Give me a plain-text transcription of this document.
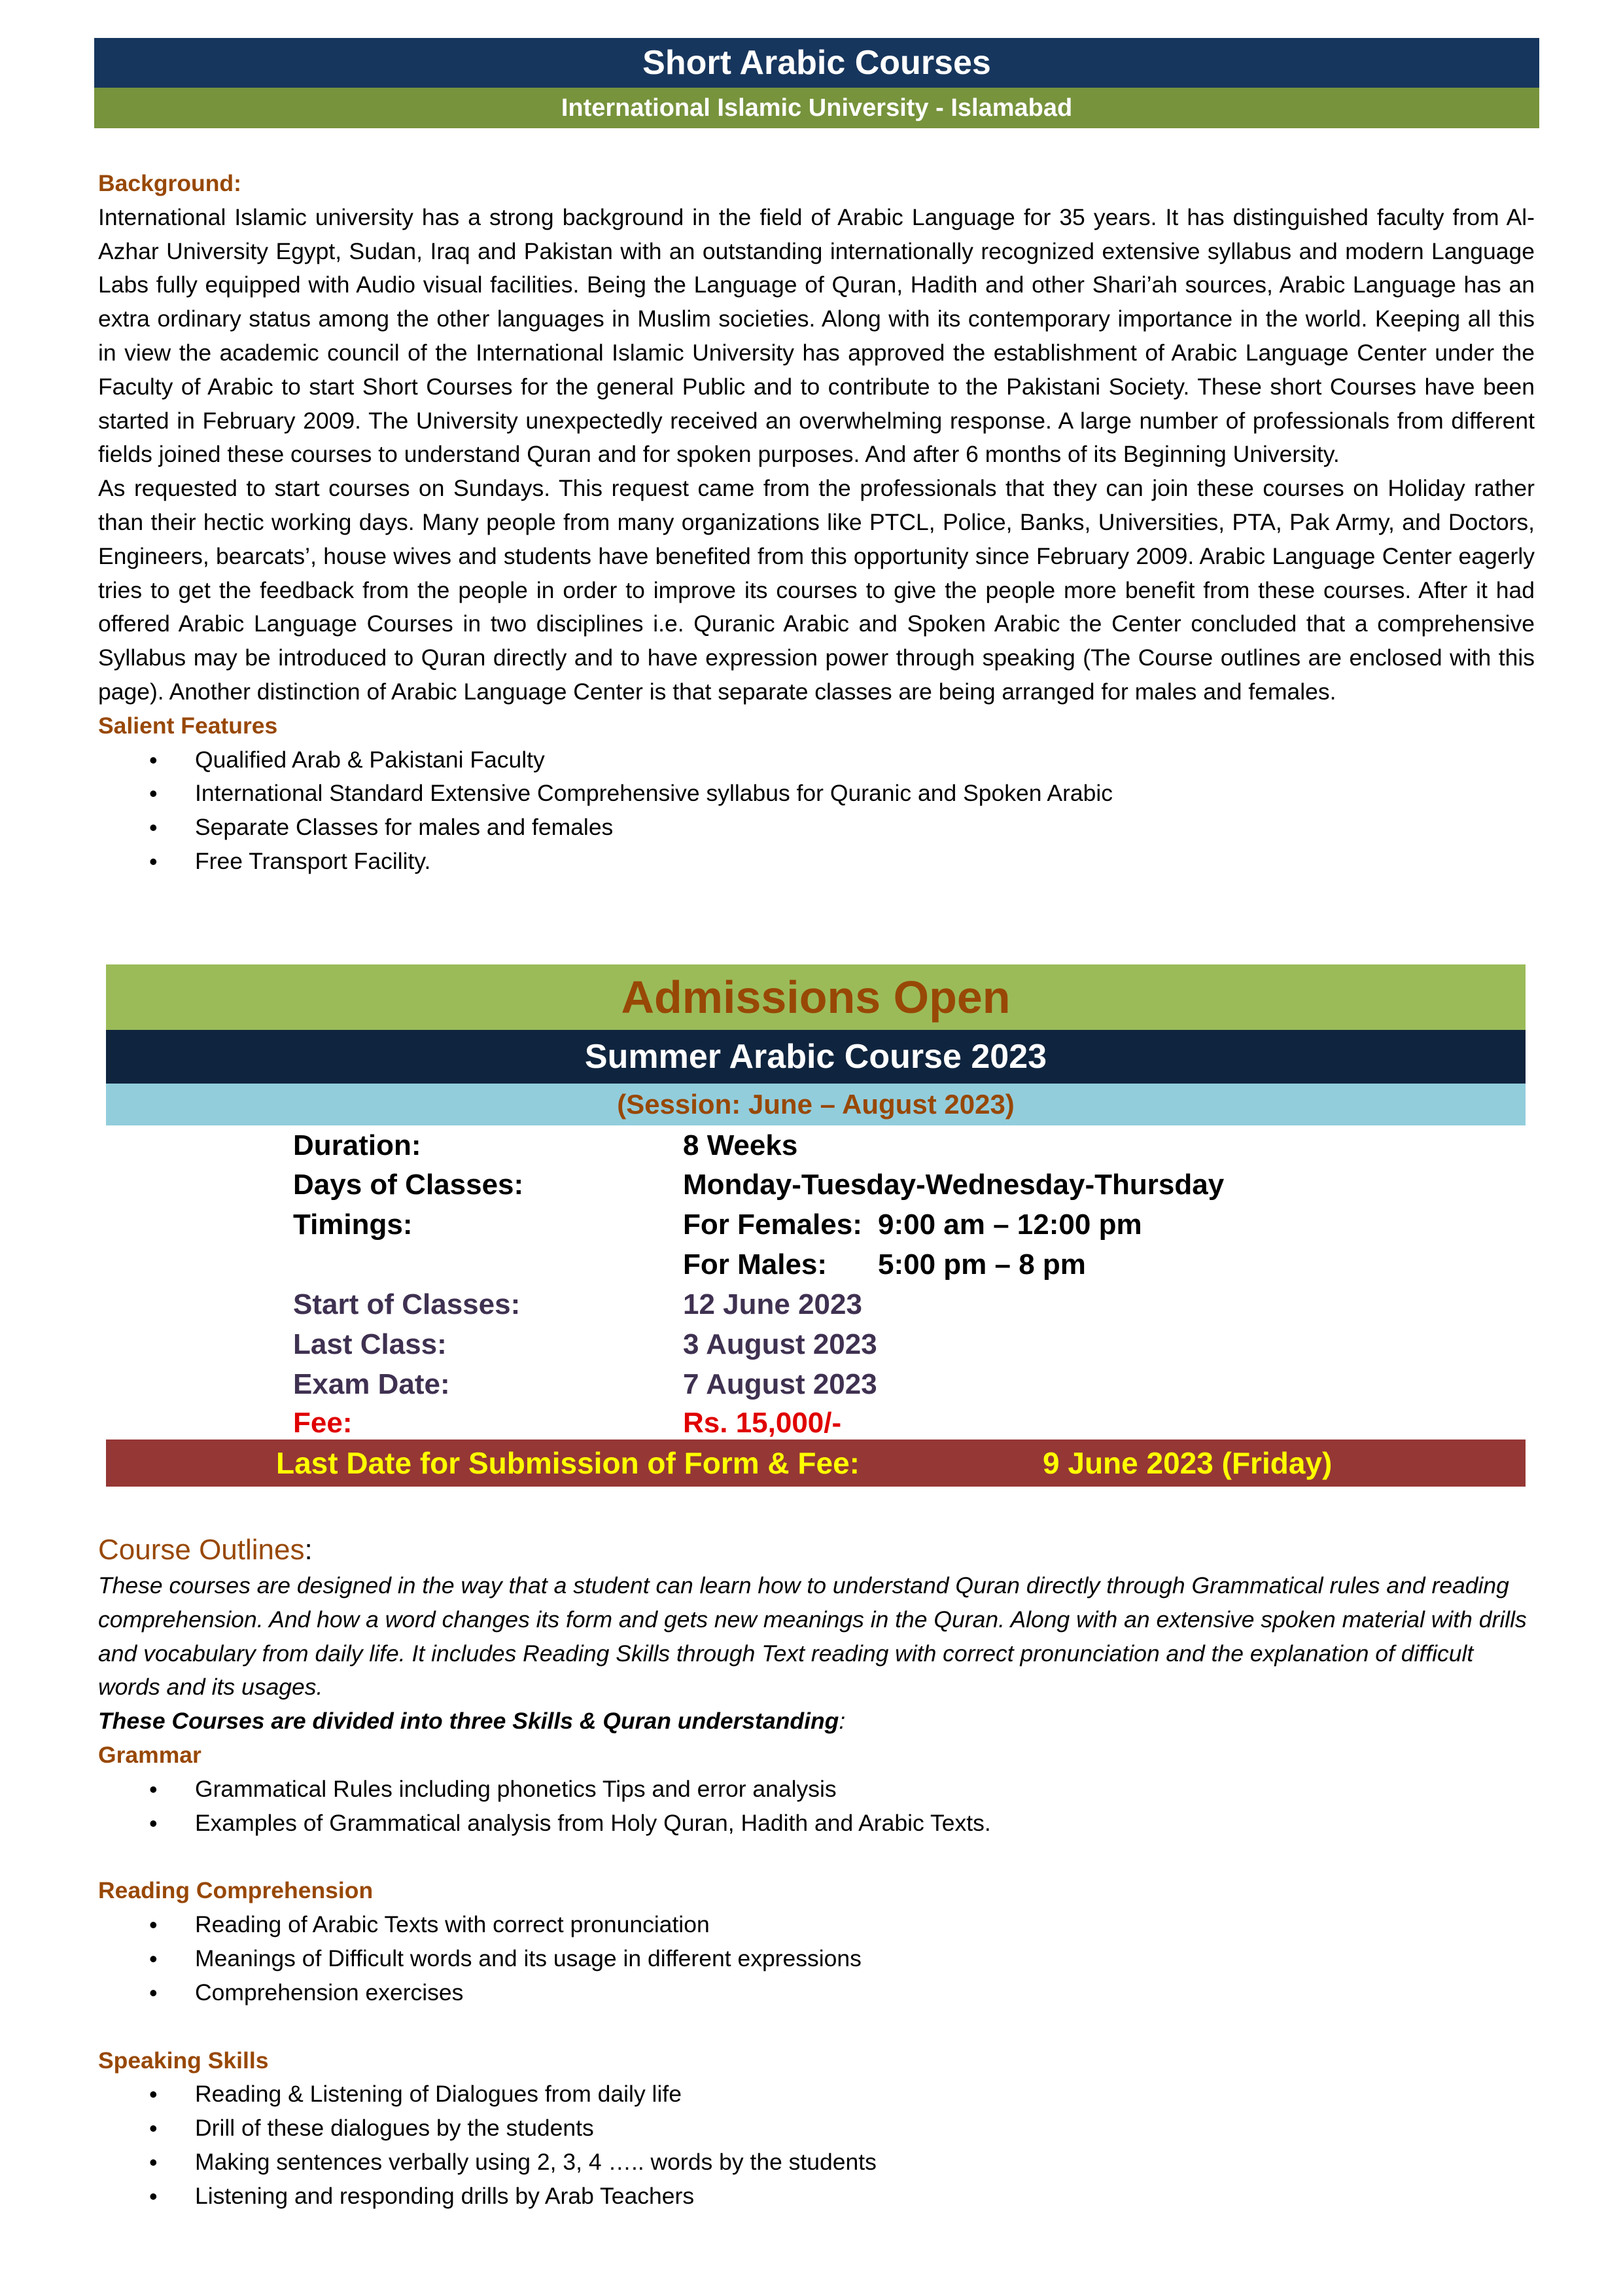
Short Arabic Courses
International Islamic University - Islamabad
Background:
International Islamic university has a strong background in the field of Arabic Language for 35 years. It has distinguished faculty from Al-Azhar University Egypt, Sudan, Iraq and Pakistan with an outstanding internationally recognized extensive syllabus and modern Language Labs fully equipped with Audio visual facilities. Being the Language of Quran, Hadith and other Shari’ah sources, Arabic Language has an extra ordinary status among the other languages in Muslim societies. Along with its contemporary importance in the world. Keeping all this in view the academic council of the International Islamic University has approved the establishment of Arabic Language Center under the Faculty of Arabic to start Short Courses for the general Public and to contribute to the Pakistani Society. These short Courses have been started in February 2009. The University unexpectedly received an overwhelming response. A large number of professionals from different fields joined these courses to understand Quran and for spoken purposes. And after 6 months of its Beginning University.
As requested to start courses on Sundays. This request came from the professionals that they can join these courses on Holiday rather than their hectic working days. Many people from many organizations like PTCL, Police, Banks, Universities, PTA, Pak Army, and Doctors, Engineers, bearcats’, house wives and students have benefited from this opportunity since February 2009. Arabic Language Center eagerly tries to get the feedback from the people in order to improve its courses to give the people more benefit from these courses. After it had offered Arabic Language Courses in two disciplines i.e. Quranic Arabic and Spoken Arabic the Center concluded that a comprehensive Syllabus may be introduced to Quran directly and to have expression power through speaking (The Course outlines are enclosed with this page). Another distinction of Arabic Language Center is that separate classes are being arranged for males and females.
Salient Features
• Qualified Arab & Pakistani Faculty
• International Standard Extensive Comprehensive syllabus for Quranic and Spoken Arabic
• Separate Classes for males and females
• Free Transport Facility.
Admissions Open
Summer Arabic Course 2023
(Session: June – August 2023)
Duration:	8 Weeks
Days of Classes:	Monday-Tuesday-Wednesday-Thursday
Timings:	For Females: 9:00 am – 12:00 pm
For Males: 5:00 pm – 8 pm
Start of Classes:	12 June 2023
Last Class:	3 August 2023
Exam Date:	7 August 2023
Fee:	Rs. 15,000/-
Last Date for Submission of Form & Fee:	9 June 2023 (Friday)
Course Outlines:
These courses are designed in the way that a student can learn how to understand Quran directly through Grammatical rules and reading comprehension. And how a word changes its form and gets new meanings in the Quran. Along with an extensive spoken material with drills and vocabulary from daily life. It includes Reading Skills through Text reading with correct pronunciation and the explanation of difficult words and its usages.
These Courses are divided into three Skills & Quran understanding:
Grammar
• Grammatical Rules including phonetics Tips and error analysis
• Examples of Grammatical analysis from Holy Quran, Hadith and Arabic Texts.
Reading Comprehension
• Reading of Arabic Texts with correct pronunciation
• Meanings of Difficult words and its usage in different expressions
• Comprehension exercises
Speaking Skills
• Reading & Listening of Dialogues from daily life
• Drill of these dialogues by the students
• Making sentences verbally using 2, 3, 4 ….. words by the students
• Listening and responding drills by Arab Teachers
